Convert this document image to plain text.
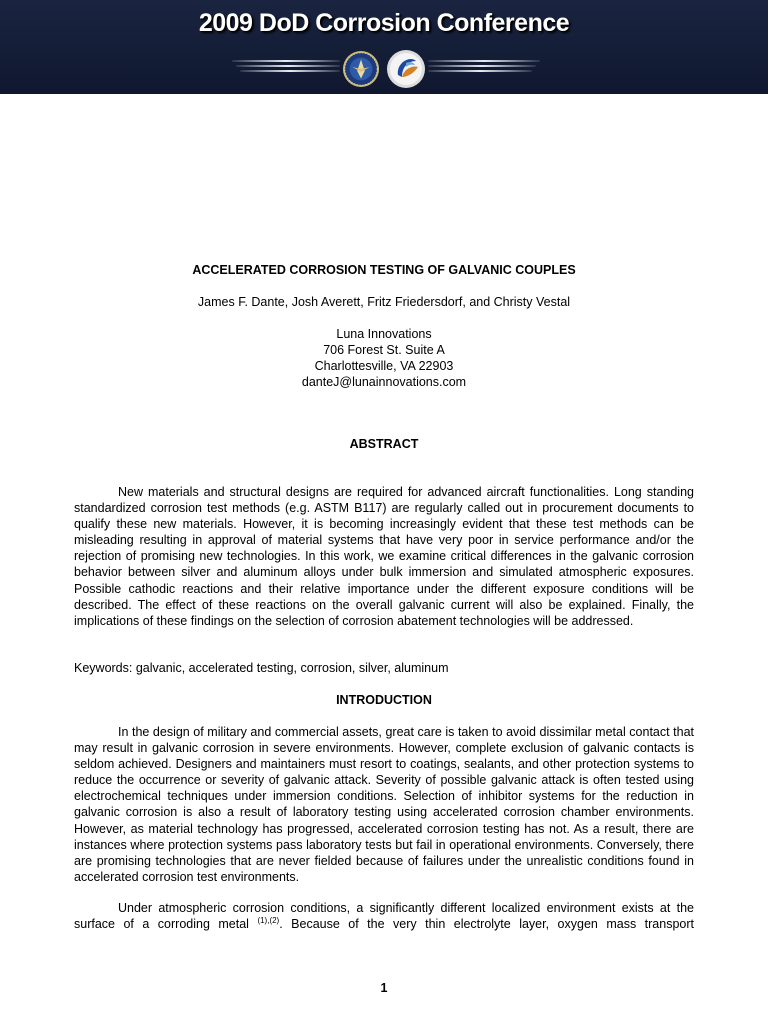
2009 DoD Corrosion Conference
ACCELERATED CORROSION TESTING OF GALVANIC COUPLES
James F. Dante, Josh Averett, Fritz Friedersdorf, and Christy Vestal
Luna Innovations
706 Forest St. Suite A
Charlottesville, VA 22903
danteJ@lunainnovations.com
ABSTRACT
New materials and structural designs are required for advanced aircraft functionalities. Long standing standardized corrosion test methods (e.g. ASTM B117) are regularly called out in procurement documents to qualify these new materials. However, it is becoming increasingly evident that these test methods can be misleading resulting in approval of material systems that have very poor in service performance and/or the rejection of promising new technologies. In this work, we examine critical differences in the galvanic corrosion behavior between silver and aluminum alloys under bulk immersion and simulated atmospheric exposures. Possible cathodic reactions and their relative importance under the different exposure conditions will be described. The effect of these reactions on the overall galvanic current will also be explained. Finally, the implications of these findings on the selection of corrosion abatement technologies will be addressed.
Keywords: galvanic, accelerated testing, corrosion, silver, aluminum
INTRODUCTION
In the design of military and commercial assets, great care is taken to avoid dissimilar metal contact that may result in galvanic corrosion in severe environments. However, complete exclusion of galvanic contacts is seldom achieved. Designers and maintainers must resort to coatings, sealants, and other protection systems to reduce the occurrence or severity of galvanic attack. Severity of possible galvanic attack is often tested using electrochemical techniques under immersion conditions. Selection of inhibitor systems for the reduction in galvanic corrosion is also a result of laboratory testing using accelerated corrosion chamber environments. However, as material technology has progressed, accelerated corrosion testing has not. As a result, there are instances where protection systems pass laboratory tests but fail in operational environments. Conversely, there are promising technologies that are never fielded because of failures under the unrealistic conditions found in accelerated corrosion test environments.
Under atmospheric corrosion conditions, a significantly different localized environment exists at the surface of a corroding metal $^{(1),(2)}$. Because of the very thin electrolyte layer, oxygen mass transport
1
